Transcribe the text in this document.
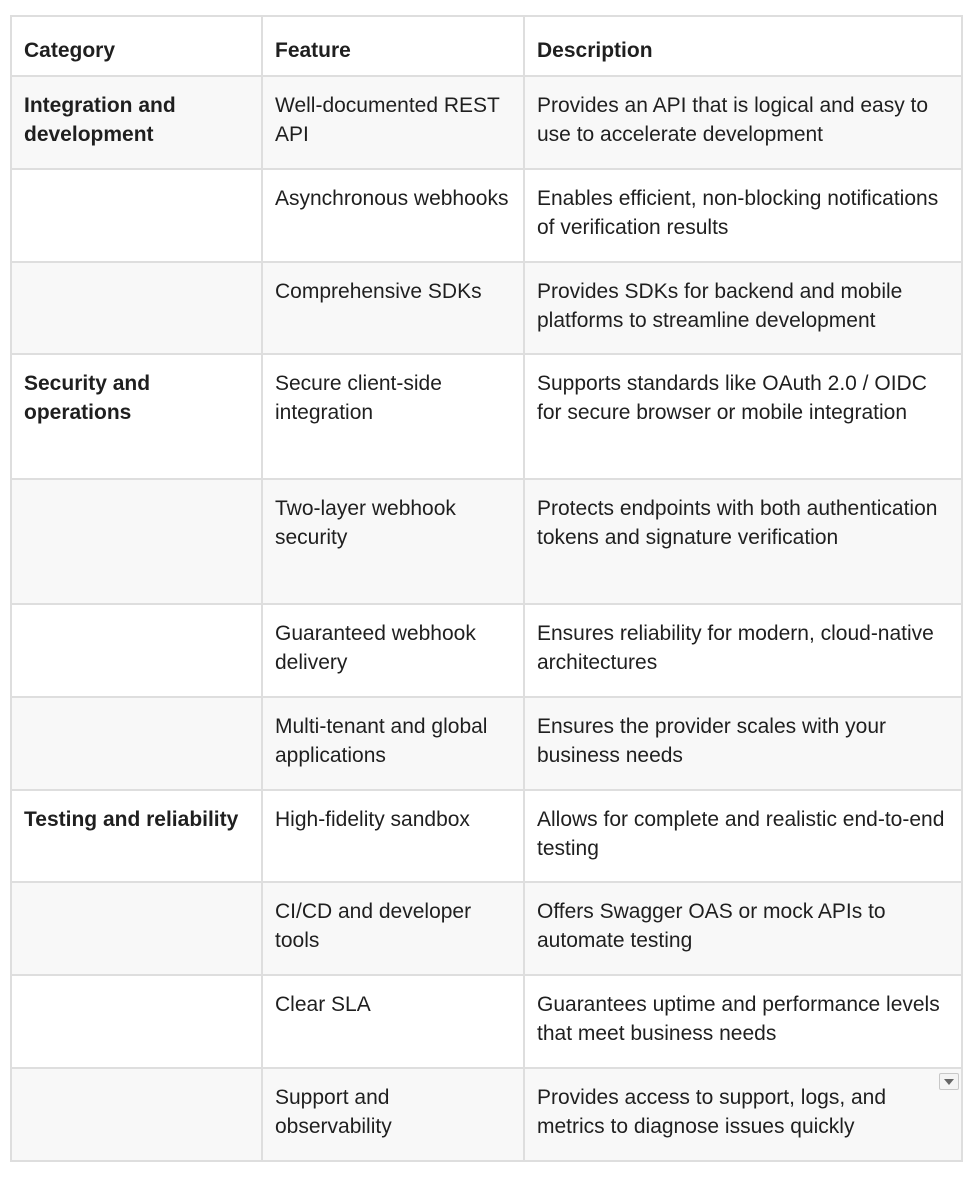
Category	Feature	Description
Integration and development	Well-documented REST API	Provides an API that is logical and easy to use to accelerate development
	Asynchronous webhooks	Enables efficient, non-blocking notifications of verification results
	Comprehensive SDKs	Provides SDKs for backend and mobile platforms to streamline development
Security and operations	Secure client-side integration	Supports standards like OAuth 2.0 / OIDC for secure browser or mobile integration
	Two-layer webhook security	Protects endpoints with both authentication tokens and signature verification
	Guaranteed webhook delivery	Ensures reliability for modern, cloud-native architectures
	Multi-tenant and global applications	Ensures the provider scales with your business needs
Testing and reliability	High-fidelity sandbox	Allows for complete and realistic end-to-end testing
	CI/CD and developer tools	Offers Swagger OAS or mock APIs to automate testing
	Clear SLA	Guarantees uptime and performance levels that meet business needs
	Support and observability	Provides access to support, logs, and metrics to diagnose issues quickly
